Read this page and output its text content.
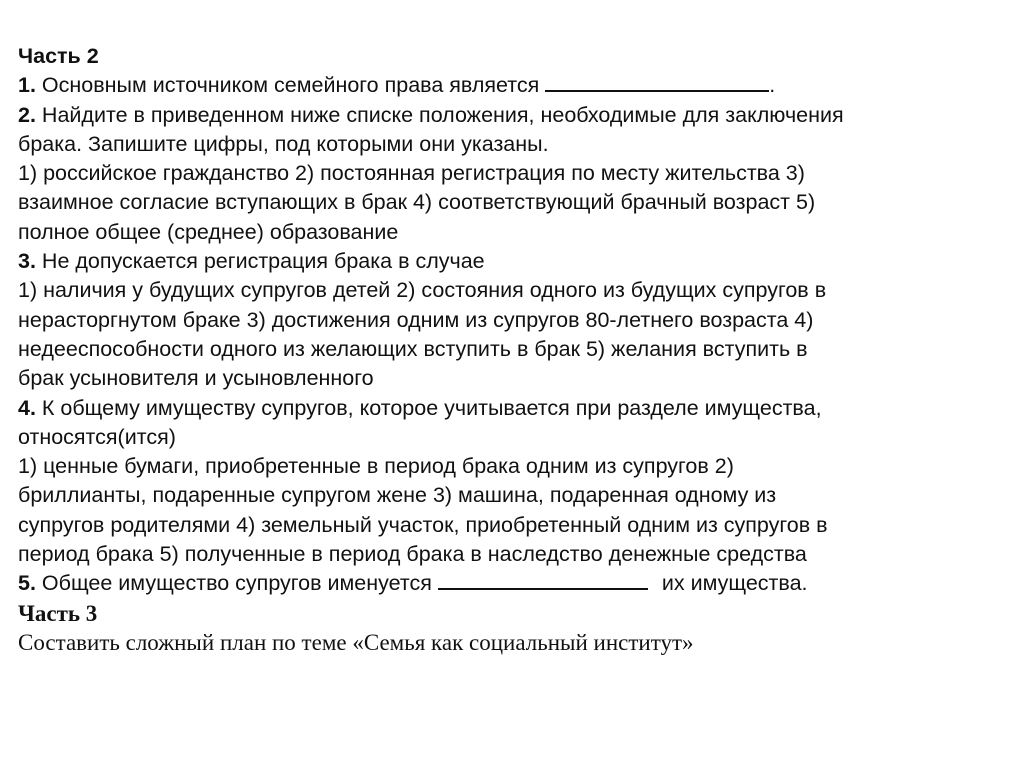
Часть 2
1. Основным источником семейного права является	.
2. Найдите в приведенном ниже списке положения, необходимые для заключения
брака. Запишите цифры, под которыми они указаны.
1) российское гражданство 2) постоянная регистрация по месту жительства 3)
взаимное согласие вступающих в брак 4) соответствующий брачный возраст 5)
полное общее (среднее) образование
3. Не допускается регистрация брака в случае
1) наличия у будущих супругов детей 2) состояния одного из будущих супругов в
нерасторгнутом браке 3) достижения одним из супругов 80-летнего возраста 4)
недееспособности одного из желающих вступить в брак 5) желания вступить в
брак усыновителя и усыновленного
4. К общему имуществу супругов, которое учитывается при разделе имущества,
относятся(ится)
1) ценные бумаги, приобретенные в период брака одним из супругов 2)
бриллианты, подаренные супругом жене 3) машина, подаренная одному из
супругов родителями 4) земельный участок, приобретенный одним из супругов в
период брака 5) полученные в период брака в наследство денежные средства
5. Общее имущество супругов именуется	их имущества.
Часть 3
Составить сложный план по теме «Семья как социальный институт»
